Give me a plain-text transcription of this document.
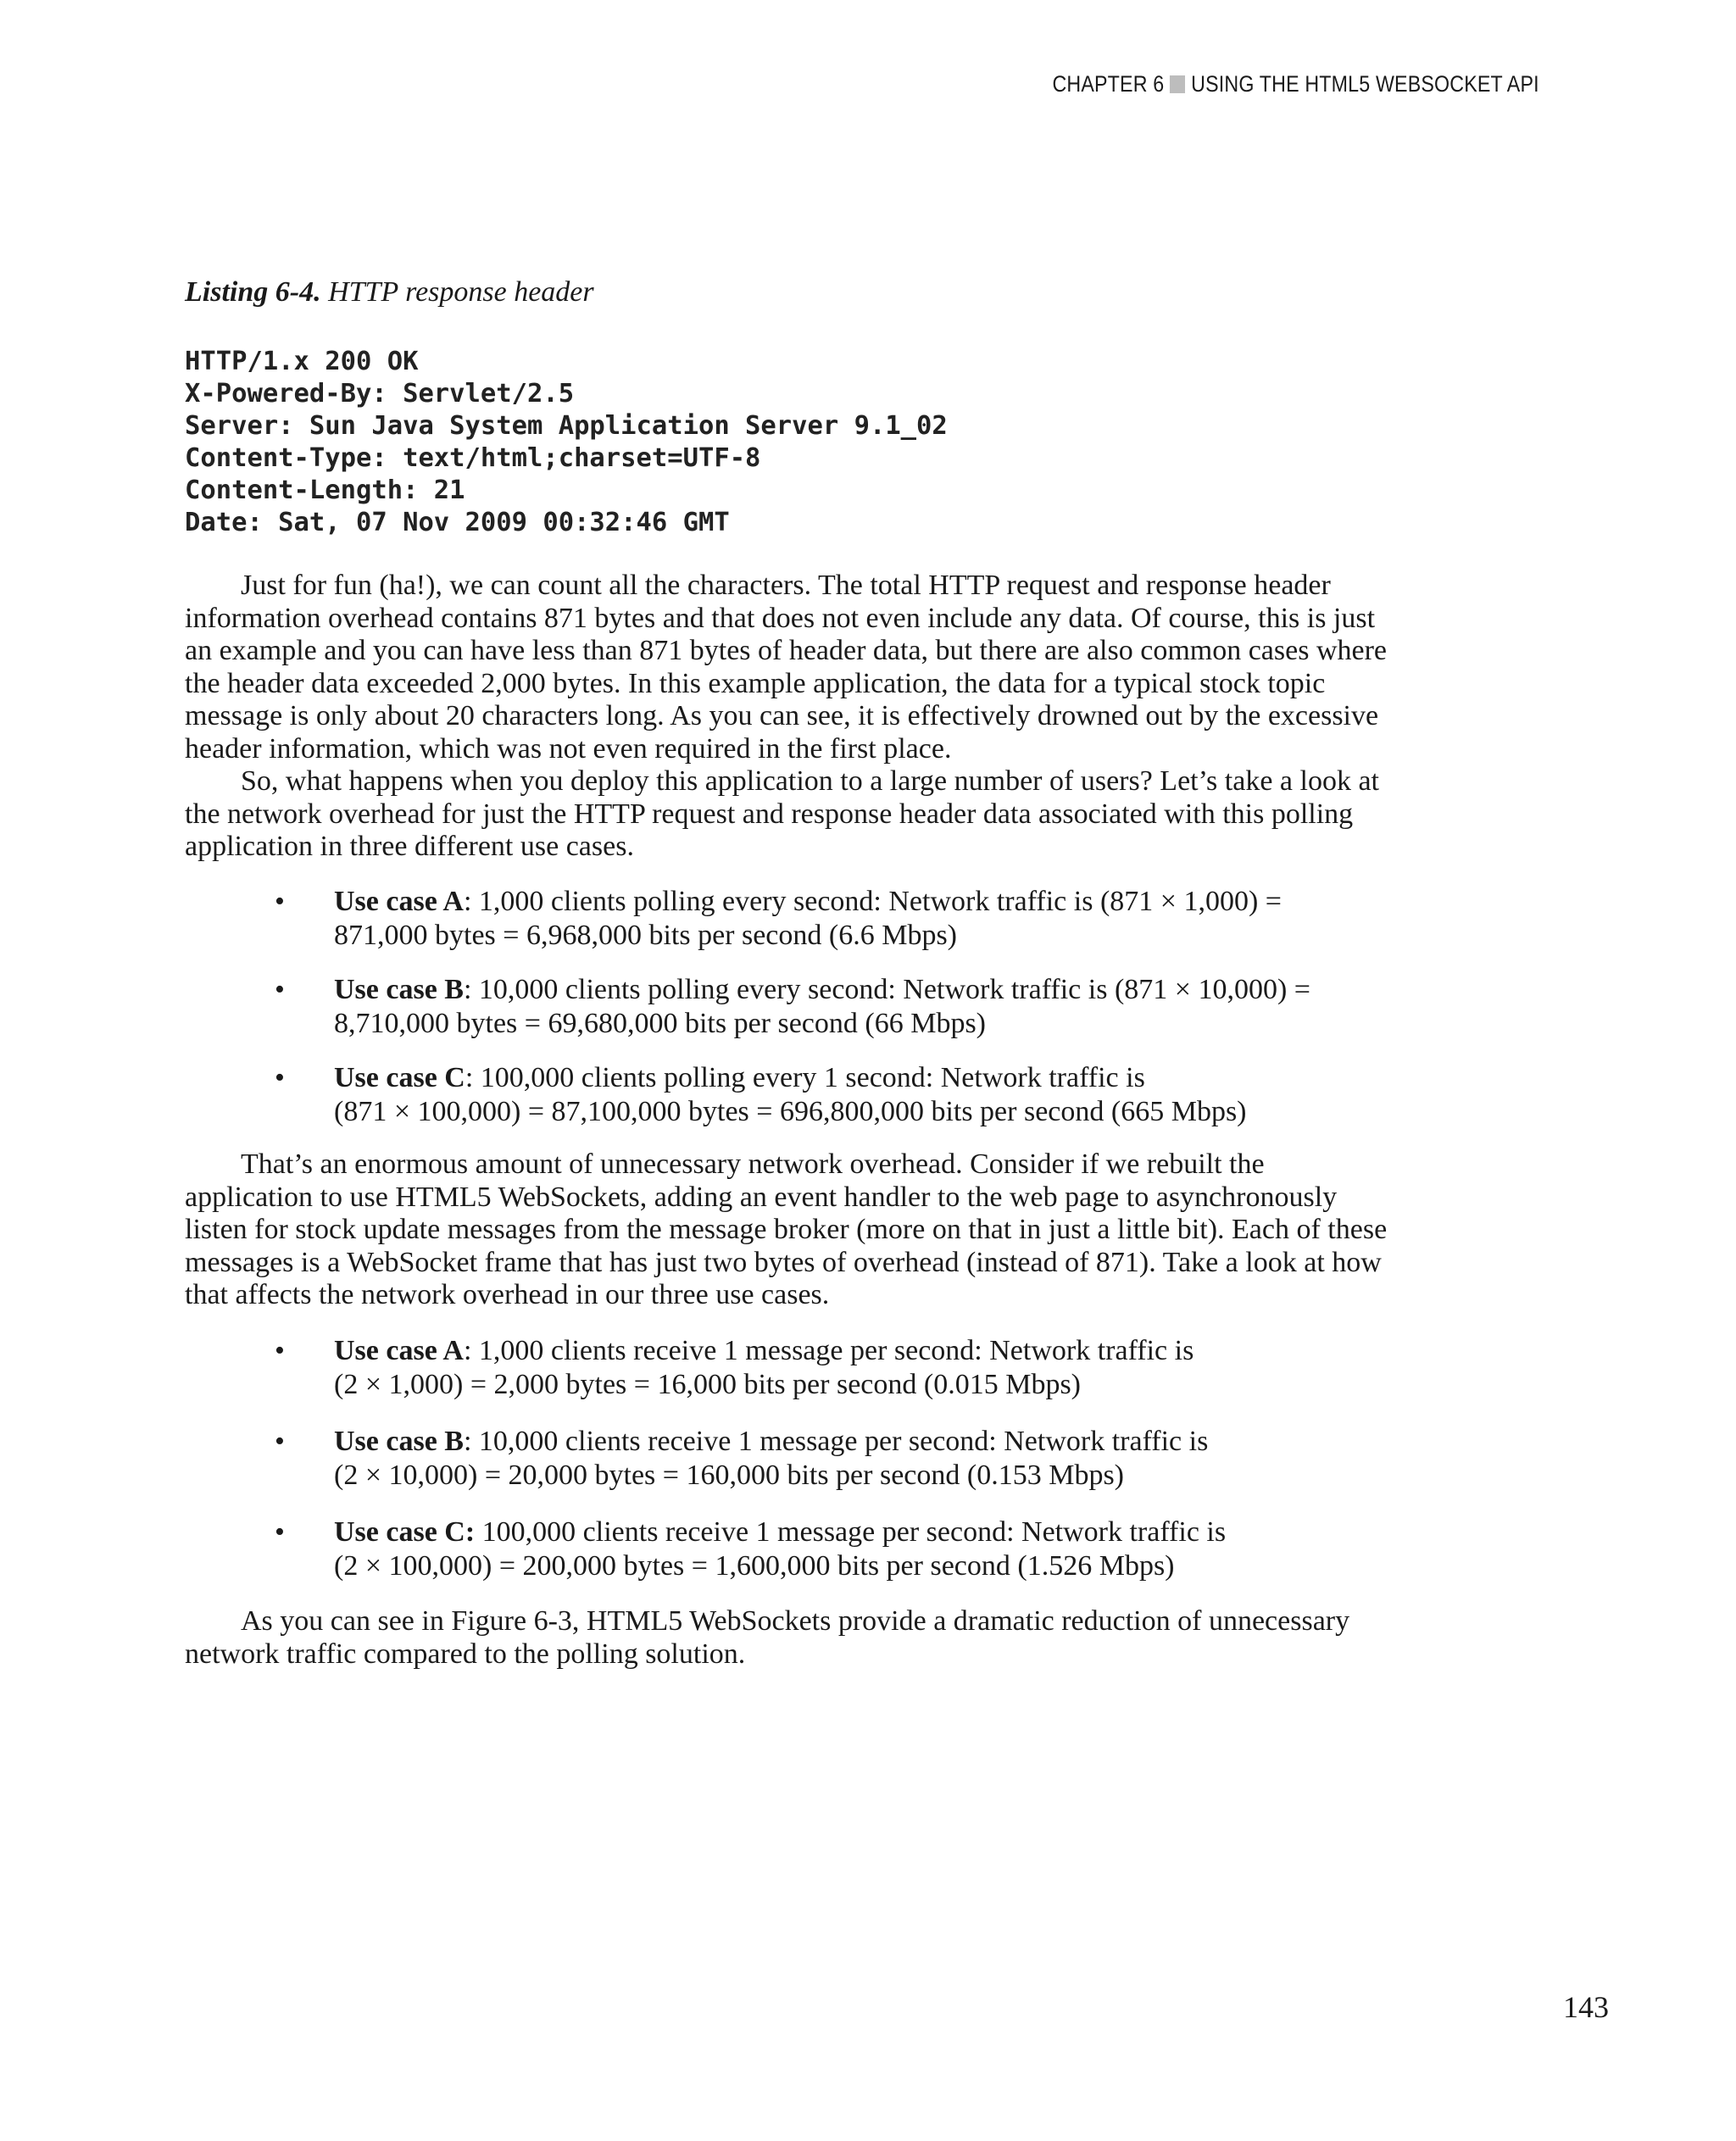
CHAPTER 6 USING THE HTML5 WEBSOCKET API
Listing 6-4. HTTP response header
HTTP/1.x 200 OK
X-Powered-By: Servlet/2.5
Server: Sun Java System Application Server 9.1_02
Content-Type: text/html;charset=UTF-8
Content-Length: 21
Date: Sat, 07 Nov 2009 00:32:46 GMT
Just for fun (ha!), we can count all the characters. The total HTTP request and response header
information overhead contains 871 bytes and that does not even include any data. Of course, this is just
an example and you can have less than 871 bytes of header data, but there are also common cases where
the header data exceeded 2,000 bytes. In this example application, the data for a typical stock topic
message is only about 20 characters long. As you can see, it is effectively drowned out by the excessive
header information, which was not even required in the first place.
So, what happens when you deploy this application to a large number of users? Let’s take a look at
the network overhead for just the HTTP request and response header data associated with this polling
application in three different use cases.
• Use case A: 1,000 clients polling every second: Network traffic is (871 × 1,000) =
871,000 bytes = 6,968,000 bits per second (6.6 Mbps)
• Use case B: 10,000 clients polling every second: Network traffic is (871 × 10,000) =
8,710,000 bytes = 69,680,000 bits per second (66 Mbps)
• Use case C: 100,000 clients polling every 1 second: Network traffic is
(871 × 100,000) = 87,100,000 bytes = 696,800,000 bits per second (665 Mbps)
That’s an enormous amount of unnecessary network overhead. Consider if we rebuilt the
application to use HTML5 WebSockets, adding an event handler to the web page to asynchronously
listen for stock update messages from the message broker (more on that in just a little bit). Each of these
messages is a WebSocket frame that has just two bytes of overhead (instead of 871). Take a look at how
that affects the network overhead in our three use cases.
• Use case A: 1,000 clients receive 1 message per second: Network traffic is
(2 × 1,000) = 2,000 bytes = 16,000 bits per second (0.015 Mbps)
• Use case B: 10,000 clients receive 1 message per second: Network traffic is
(2 × 10,000) = 20,000 bytes = 160,000 bits per second (0.153 Mbps)
• Use case C: 100,000 clients receive 1 message per second: Network traffic is
(2 × 100,000) = 200,000 bytes = 1,600,000 bits per second (1.526 Mbps)
As you can see in Figure 6-3, HTML5 WebSockets provide a dramatic reduction of unnecessary
network traffic compared to the polling solution.
143
